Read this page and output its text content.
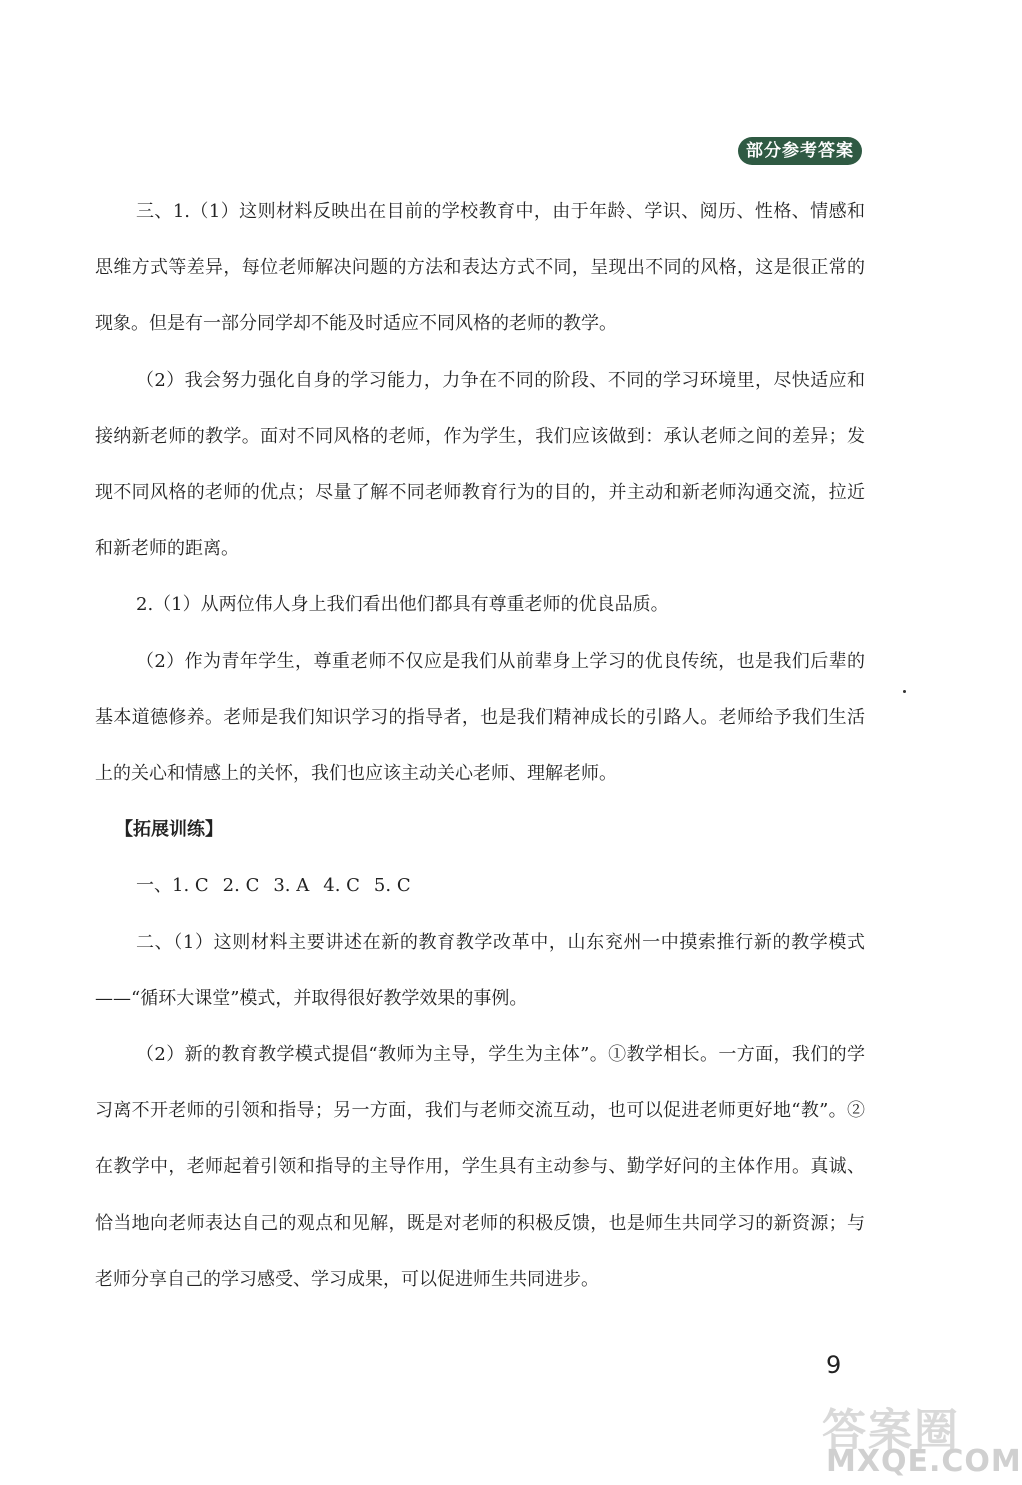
部分参考答案

三、1.（1）这则材料反映出在目前的学校教育中，由于年龄、学识、阅历、性格、情感和思维方式等差异，每位老师解决问题的方法和表达方式不同，呈现出不同的风格，这是很正常的现象。但是有一部分同学却不能及时适应不同风格的老师的教学。

（2）我会努力强化自身的学习能力，力争在不同的阶段、不同的学习环境里，尽快适应和接纳新老师的教学。面对不同风格的老师，作为学生，我们应该做到：承认老师之间的差异；发现不同风格的老师的优点；尽量了解不同老师教育行为的目的，并主动和新老师沟通交流，拉近和新老师的距离。

2.（1）从两位伟人身上我们看出他们都具有尊重老师的优良品质。

（2）作为青年学生，尊重老师不仅应是我们从前辈身上学习的优良传统，也是我们后辈的基本道德修养。老师是我们知识学习的指导者，也是我们精神成长的引路人。老师给予我们生活上的关心和情感上的关怀，我们也应该主动关心老师、理解老师。

【拓展训练】

一、1. C 2. C 3. A 4. C 5. C

二、（1）这则材料主要讲述在新的教育教学改革中，山东兖州一中摸索推行新的教学模式——“循环大课堂”模式，并取得很好教学效果的事例。

（2）新的教育教学模式提倡“教师为主导，学生为主体”。①教学相长。一方面，我们的学习离不开老师的引领和指导；另一方面，我们与老师交流互动，也可以促进老师更好地“教”。②在教学中，老师起着引领和指导的主导作用，学生具有主动参与、勤学好问的主体作用。真诚、恰当地向老师表达自己的观点和见解，既是对老师的积极反馈，也是师生共同学习的新资源；与老师分享自己的学习感受、学习成果，可以促进师生共同进步。

9
答案圈
MXQE.COM
